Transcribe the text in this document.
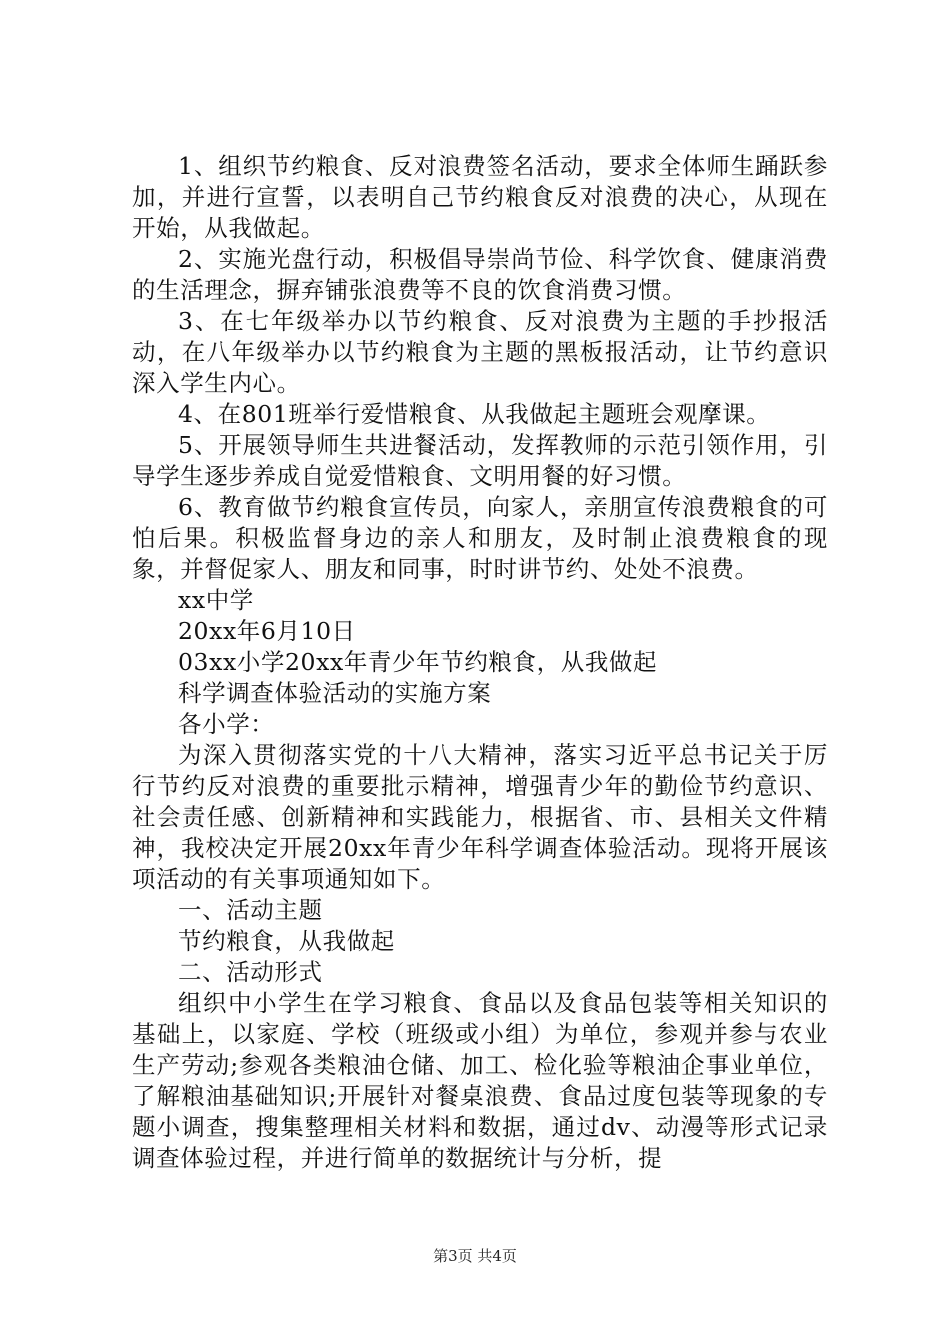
1、组织节约粮食、反对浪费签名活动，要求全体师生踊跃参加，并进行宣誓，以表明自己节约粮食反对浪费的决心，从现在开始，从我做起。

2、实施光盘行动，积极倡导崇尚节俭、科学饮食、健康消费的生活理念，摒弃铺张浪费等不良的饮食消费习惯。

3、在七年级举办以节约粮食、反对浪费为主题的手抄报活动，在八年级举办以节约粮食为主题的黑板报活动，让节约意识深入学生内心。

4、在801班举行爱惜粮食、从我做起主题班会观摩课。

5、开展领导师生共进餐活动，发挥教师的示范引领作用，引导学生逐步养成自觉爱惜粮食、文明用餐的好习惯。

6、教育做节约粮食宣传员，向家人，亲朋宣传浪费粮食的可怕后果。积极监督身边的亲人和朋友，及时制止浪费粮食的现象，并督促家人、朋友和同事，时时讲节约、处处不浪费。

xx中学

20xx年6月10日

03xx小学20xx年青少年节约粮食，从我做起

科学调查体验活动的实施方案

各小学：

为深入贯彻落实党的十八大精神，落实习近平总书记关于厉行节约反对浪费的重要批示精神，增强青少年的勤俭节约意识、社会责任感、创新精神和实践能力，根据省、市、县相关文件精神，我校决定开展20xx年青少年科学调查体验活动。现将开展该项活动的有关事项通知如下。

一、活动主题

节约粮食，从我做起

二、活动形式

组织中小学生在学习粮食、食品以及食品包装等相关知识的基础上，以家庭、学校（班级或小组）为单位，参观并参与农业生产劳动;参观各类粮油仓储、加工、检化验等粮油企事业单位，了解粮油基础知识;开展针对餐桌浪费、食品过度包装等现象的专题小调查，搜集整理相关材料和数据，通过dv、动漫等形式记录调查体验过程，并进行简单的数据统计与分析，提

第3页 共4页
